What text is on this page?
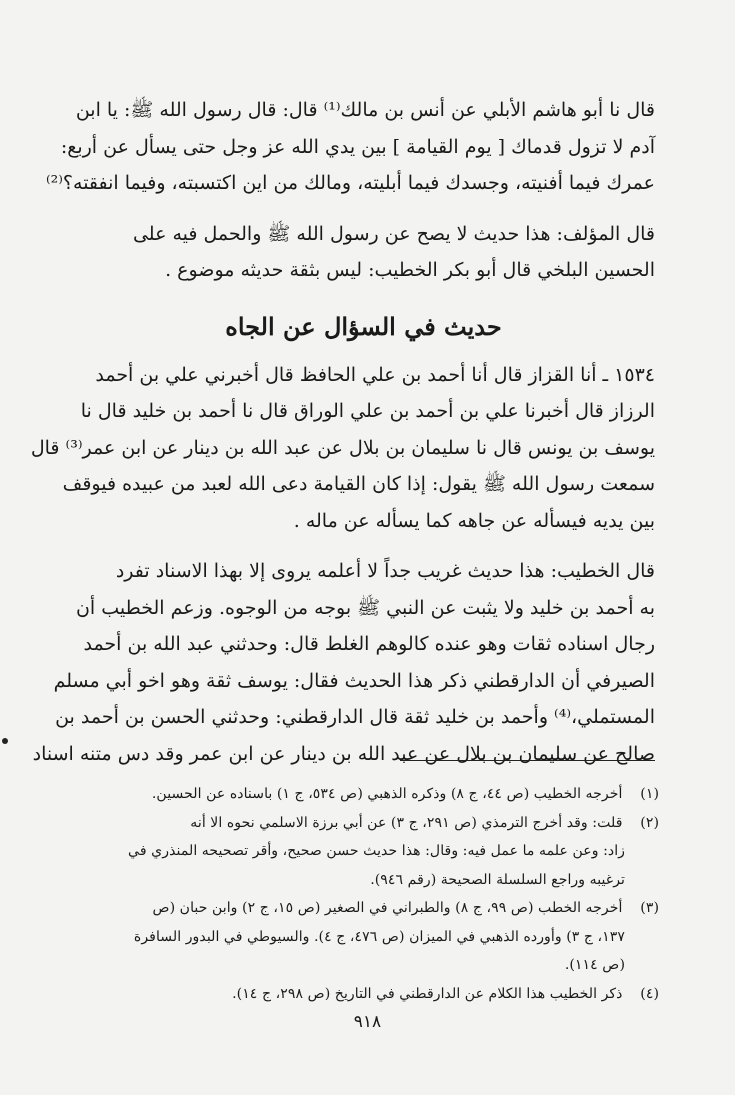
قال نا أبو هاشم الأبلي عن أنس بن مالك⁽¹⁾ قال: قال رسول الله ﷺ: يا ابن
آدم لا تزول قدماك [ يوم القيامة ] بين يدي الله عز وجل حتى يسأل عن أربع:
عمرك فيما أفنيته، وجسدك فيما أبليته، ومالك من اين اكتسبته، وفيما انفقته؟⁽²⁾

قال المؤلف: هذا حديث لا يصح عن رسول الله ﷺ والحمل فيه على
الحسين البلخي قال أبو بكر الخطيب: ليس بثقة حديثه موضوع .

حديث في السؤال عن الجاه

١٥٣٤ ـ أنا القزاز قال أنا أحمد بن علي الحافظ قال أخبرني علي بن أحمد
الرزاز قال أخبرنا علي بن أحمد بن علي الوراق قال نا أحمد بن خليد قال نا
يوسف بن يونس قال نا سليمان بن بلال عن عبد الله بن دينار عن ابن عمر⁽³⁾ قال
سمعت رسول الله ﷺ يقول: إذا كان القيامة دعى الله لعبد من عبيده فيوقف
بين يديه فيسأله عن جاهه كما يسأله عن ماله .

قال الخطيب: هذا حديث غريب جداً لا أعلمه يروى إلا بهذا الاسناد تفرد
به أحمد بن خليد ولا يثبت عن النبي ﷺ بوجه من الوجوه. وزعم الخطيب أن
رجال اسناده ثقات وهو عنده كالوهم الغلط قال: وحدثني عبد الله بن أحمد
الصيرفي أن الدارقطني ذكر هذا الحديث فقال: يوسف ثقة وهو اخو أبي مسلم
المستملي،⁽⁴⁾ وأحمد بن خليد ثقة قال الدارقطني: وحدثني الحسن بن أحمد بن
صالح عن سليمان بن بلال عن عبد الله بن دينار عن ابن عمر وقد دس متنه اسناد

(١) أخرجه الخطيب (ص ٤٤، ج ٨) وذكره الذهبي (ص ٥٣٤، ج ١) باسناده عن الحسين.
(٢) قلت: وقد أخرج الترمذي (ص ٢٩١، ج ٣) عن أبي برزة الاسلمي نحوه الا أنه
زاد: وعن علمه ما عمل فيه: وقال: هذا حديث حسن صحيح، وأقر تصحيحه المنذري في
ترغيبه وراجع السلسلة الصحيحة (رقم ٩٤٦).
(٣) أخرجه الخطب (ص ٩٩، ج ٨) والطبراني في الصغير (ص ١٥، ج ٢) وابن حبان (ص
١٣٧، ج ٣) وأورده الذهبي في الميزان (ص ٤٧٦، ج ٤). والسيوطي في البدور السافرة
(ص ١١٤).
(٤) ذكر الخطيب هذا الكلام عن الدارقطني في التاريخ (ص ٢٩٨، ج ١٤).
٩١٨
